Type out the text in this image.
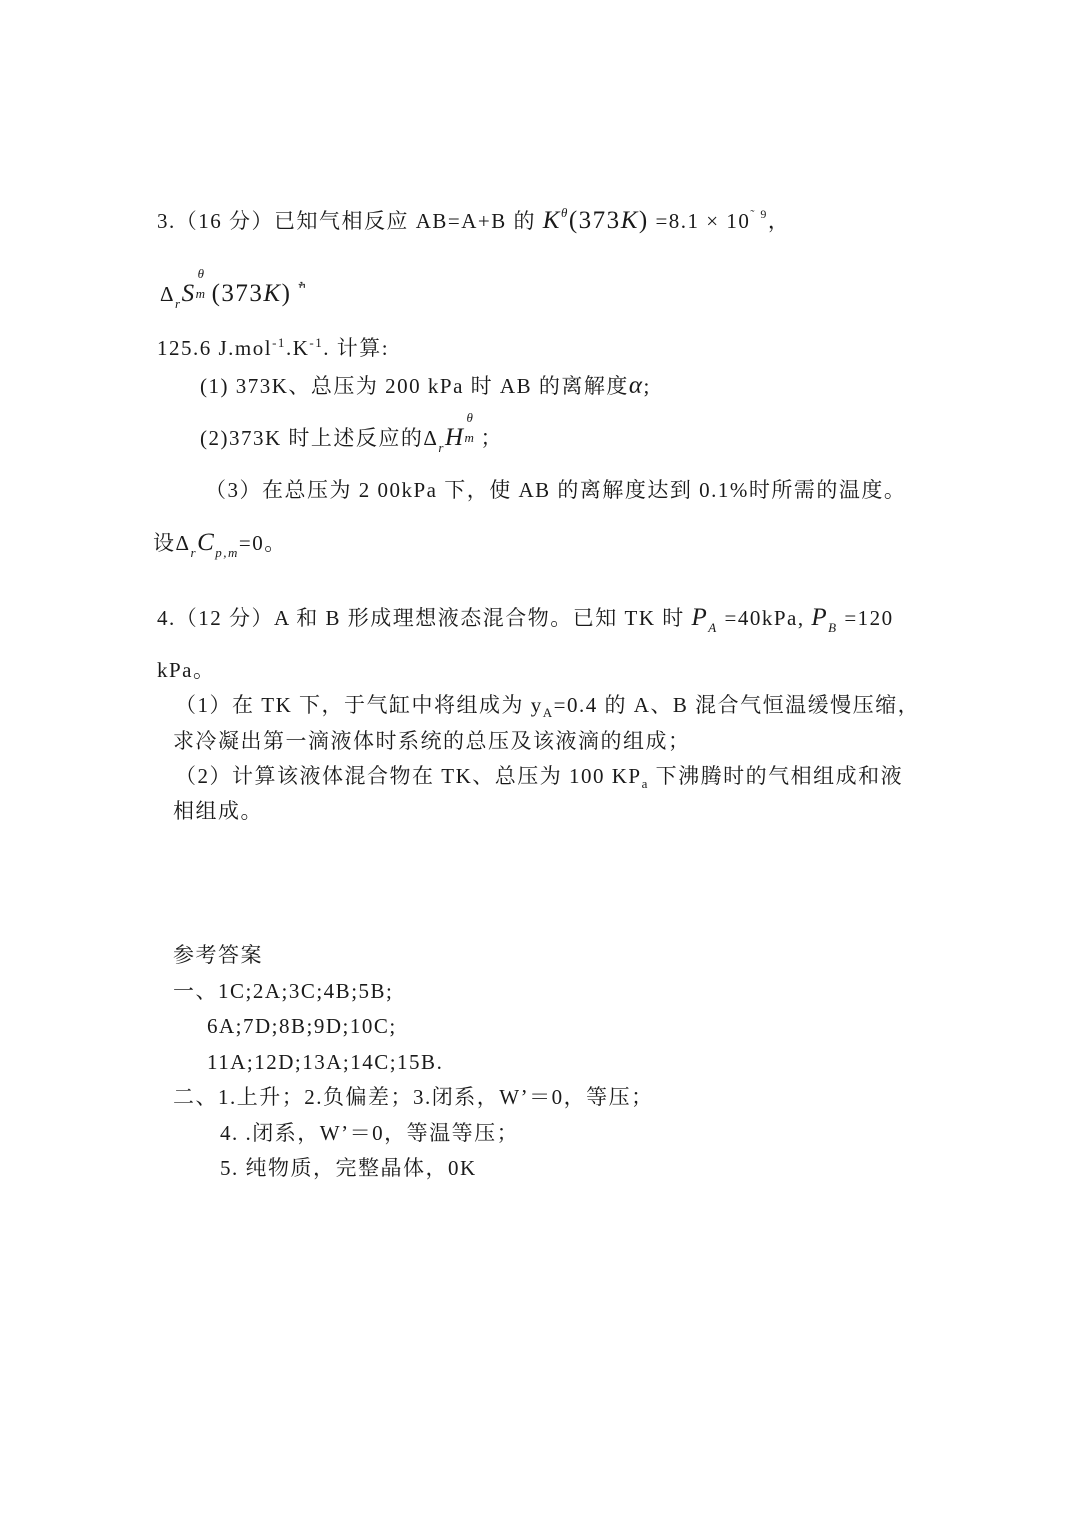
3.（16 分）已知气相反应 AB=A+B 的 $K^\theta(373K) =8.1 \times 10^{˜ 9}$，
$\Delta_rS$
θ
m (373K) $^ׯ$
125.6 $J.mol^{-1}.K^{-1}$. 计算:
(1) 373K、总压为 200 kPa 时 AB 的离解度α;
(2)373K 时上述反应的$\Delta_rH$
θ
m ；
（3）在总压为 2 00kPa 下，使 AB 的离解度达到 0.1%时所需的温度。
设$\Delta_rC_{p,m}=0$。
4.（12 分）A 和 B 形成理想液态混合物。已知 TK 时 $P_A =40kPa$, $P_B =120$
kPa。
（1）在 TK 下，于气缸中将组成为 $y_A=0.4$ 的 A、B 混合气恒温缓慢压缩，
求冷凝出第一滴液体时系统的总压及该液滴的组成；
（2）计算该液体混合物在 TK、总压为 100 $KP_a$ 下沸腾时的气相组成和液
相组成。
参考答案
一、1C;2A;3C;4B;5B;
6A;7D;8B;9D;10C;
11A;12D;13A;14C;15B.
二、1.上升；2.负偏差；3.闭系，W’＝0，等压；
4. .闭系，W’＝0，等温等压；
5. 纯物质，完整晶体，0K
